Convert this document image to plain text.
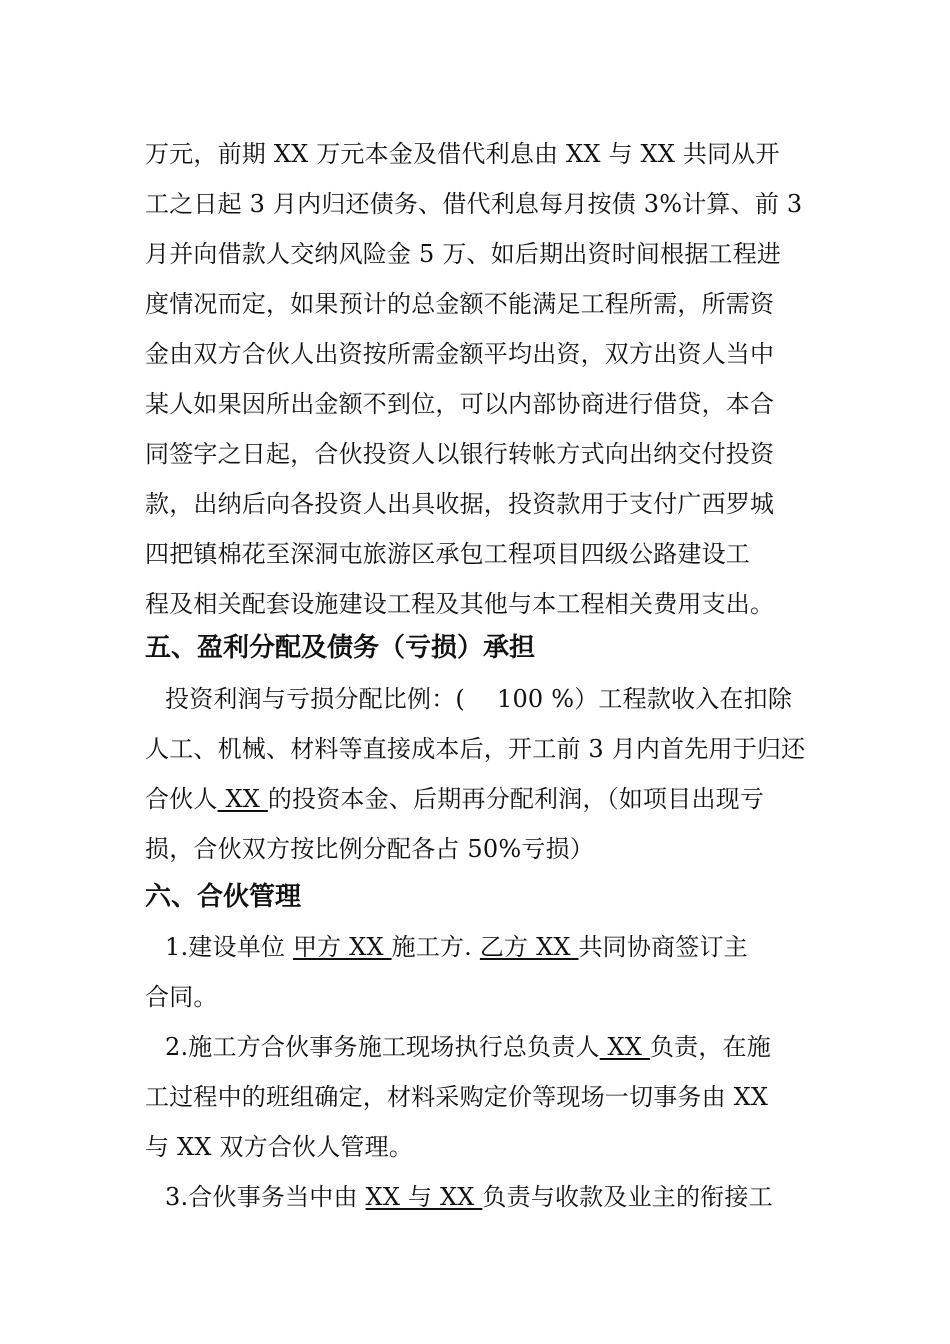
万元，前期 XX 万元本金及借代利息由 XX 与 XX 共同从开
工之日起 3 月内归还债务、借代利息每月按债 3%计算、前 3
月并向借款人交纳风险金 5 万、如后期出资时间根据工程进
度情况而定，如果预计的总金额不能满足工程所需，所需资
金由双方合伙人出资按所需金额平均出资，双方出资人当中
某人如果因所出金额不到位，可以内部协商进行借贷，本合
同签字之日起，合伙投资人以银行转帐方式向出纳交付投资
款，出纳后向各投资人出具收据，投资款用于支付广西罗城
四把镇棉花至深洞屯旅游区承包工程项目四级公路建设工
程及相关配套设施建设工程及其他与本工程相关费用支出。
五、盈利分配及债务（亏损）承担
投资利润与亏损分配比例：(　 100 %）工程款收入在扣除
人工、机械、材料等直接成本后，开工前 3 月内首先用于归还
合伙人 XX 的投资本金、后期再分配利润，（如项目出现亏
损，合伙双方按比例分配各占 50%亏损）
六、合伙管理
1.建设单位 甲方 XX 施工方. 乙方 XX 共同协商签订主
合同。
2.施工方合伙事务施工现场执行总负责人 XX 负责，在施
工过程中的班组确定，材料采购定价等现场一切事务由 XX
与 XX 双方合伙人管理。
3.合伙事务当中由 XX 与 XX 负责与收款及业主的衔接工
